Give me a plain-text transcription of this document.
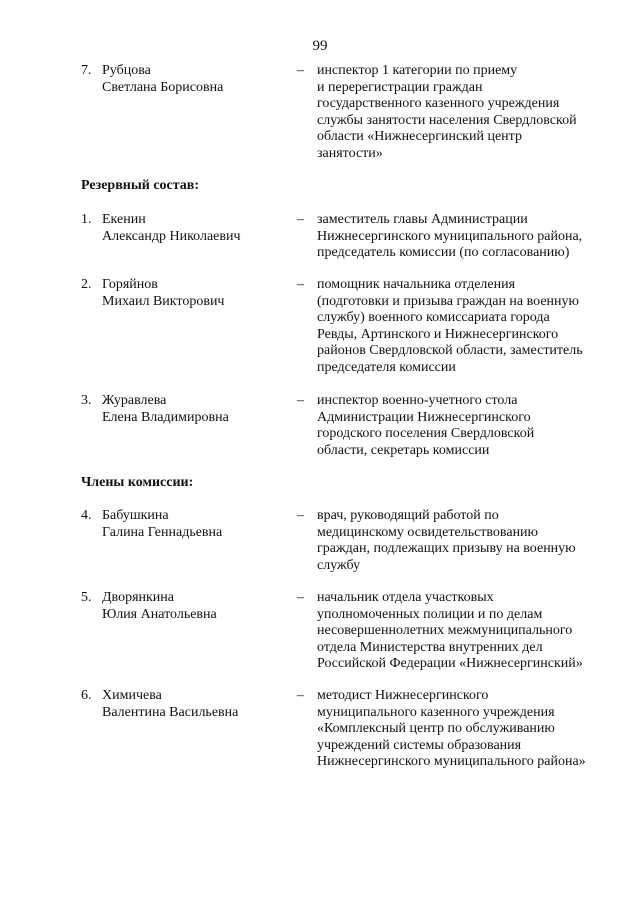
99
7. Рубцова
Светлана Борисовна
– инспектор 1 категории по приему
и перерегистрации граждан
государственного казенного учреждения
службы занятости населения Свердловской
области «Нижнесергинский центр
занятости»
Резервный состав:
1. Екенин
Александр Николаевич
– заместитель главы Администрации
Нижнесергинского муниципального района,
председатель комиссии (по согласованию)
2. Горяйнов
Михаил Викторович
– помощник начальника отделения
(подготовки и призыва граждан на военную
службу) военного комиссариата города
Ревды, Артинского и Нижнесергинского
районов Свердловской области, заместитель
председателя комиссии
3. Журавлева
Елена Владимировна
– инспектор военно-учетного стола
Администрации Нижнесергинского
городского поселения Свердловской
области, секретарь комиссии
Члены комиссии:
4. Бабушкина
Галина Геннадьевна
– врач, руководящий работой по
медицинскому освидетельствованию
граждан, подлежащих призыву на военную
службу
5. Дворянкина
Юлия Анатольевна
– начальник отдела участковых
уполномоченных полиции и по делам
несовершеннолетних межмуниципального
отдела Министерства внутренних дел
Российской Федерации «Нижнесергинский»
6. Химичева
Валентина Васильевна
– методист Нижнесергинского
муниципального казенного учреждения
«Комплексный центр по обслуживанию
учреждений системы образования
Нижнесергинского муниципального района»
